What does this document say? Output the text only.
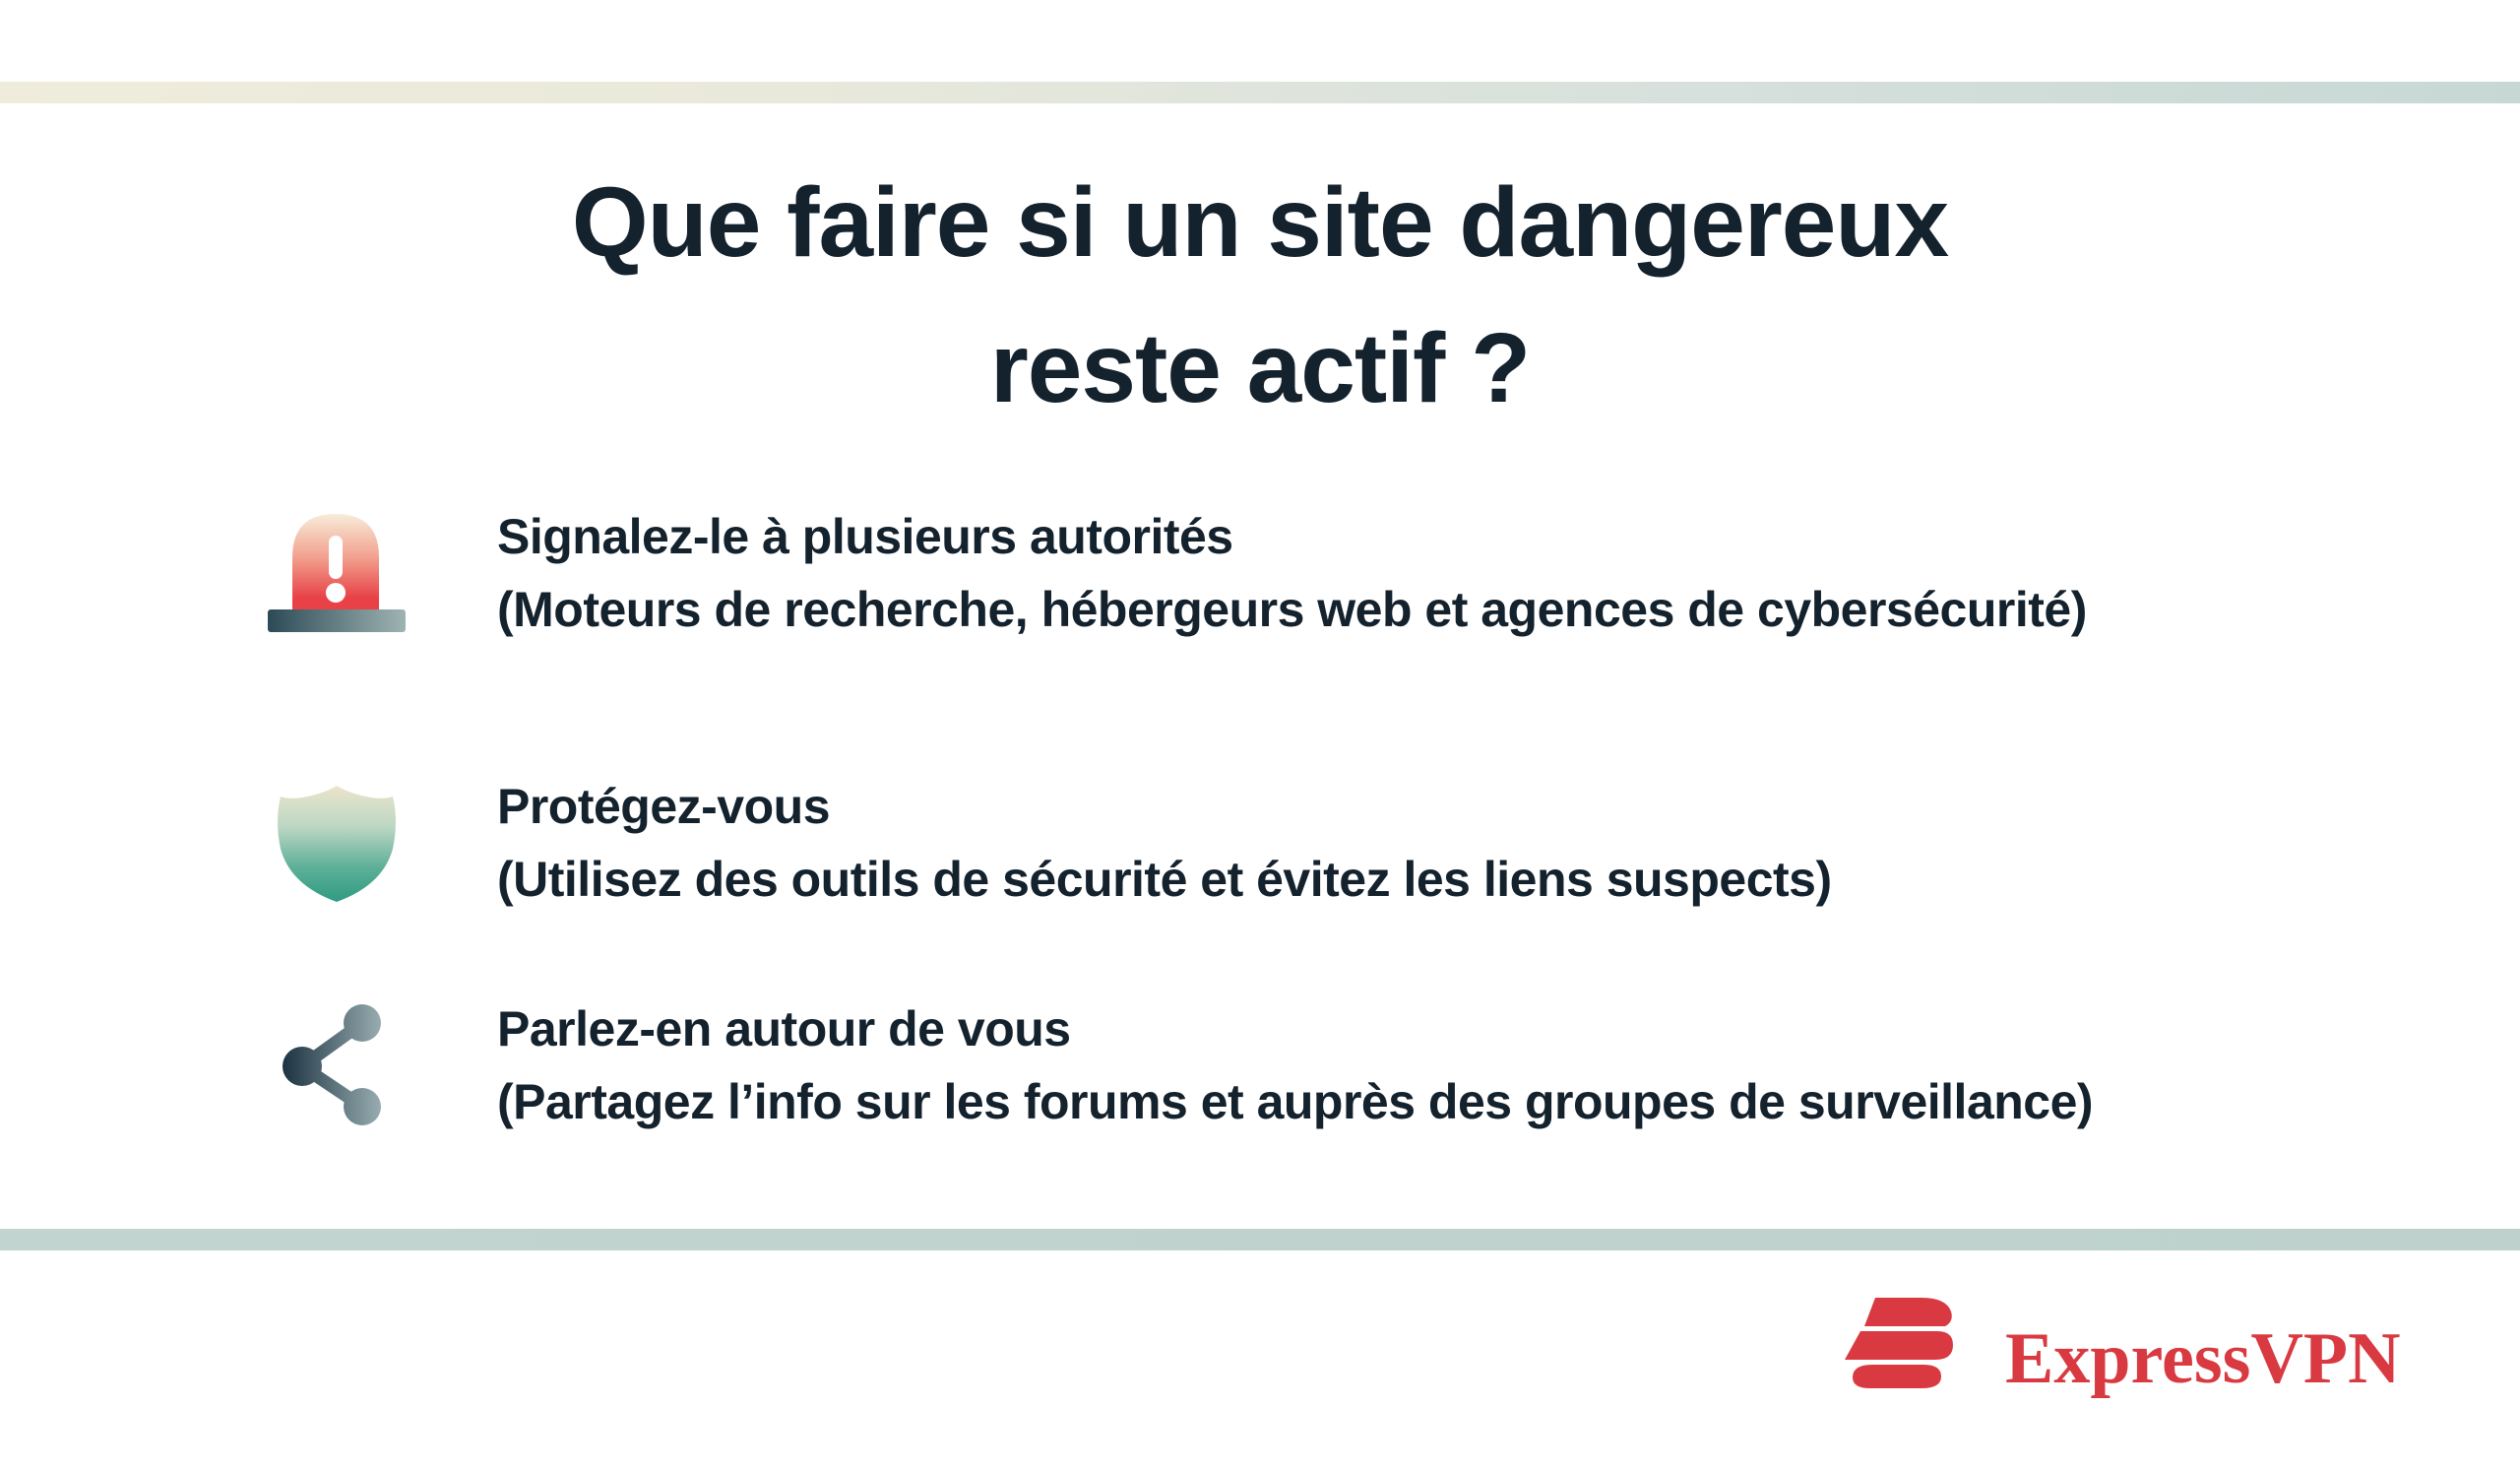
Que faire si un site dangereux
reste actif ?
Signalez-le à plusieurs autorités
(Moteurs de recherche, hébergeurs web et agences de cybersécurité)
Protégez-vous
(Utilisez des outils de sécurité et évitez les liens suspects)
Parlez-en autour de vous
(Partagez l’info sur les forums et auprès des groupes de surveillance)
ExpressVPN
